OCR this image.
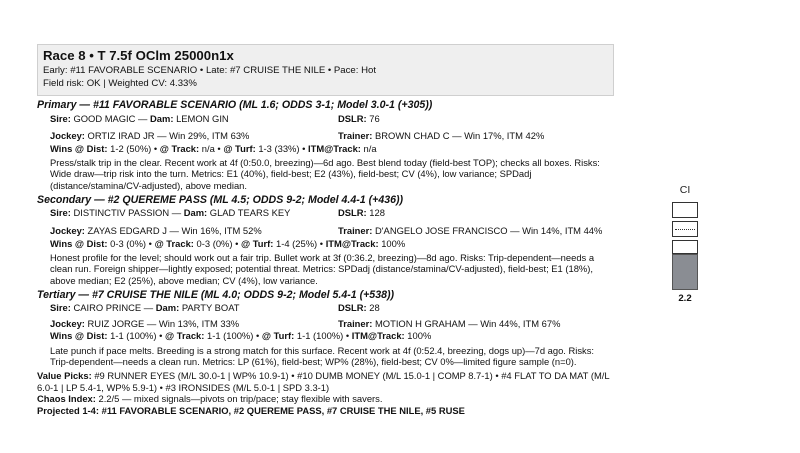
Race 8 • T 7.5f OClm 25000n1x
Early: #11 FAVORABLE SCENARIO • Late: #7 CRUISE THE NILE • Pace: Hot
Field risk: OK | Weighted CV: 4.33%
Primary — #11 FAVORABLE SCENARIO (ML 1.6; ODDS 3-1; Model 3.0-1 (+305))
Sire: GOOD MAGIC — Dam: LEMON GIN	DSLR: 76
Jockey: ORTIZ IRAD JR — Win 29%, ITM 63%	Trainer: BROWN CHAD C — Win 17%, ITM 42%
Wins @ Dist: 1-2 (50%) • @ Track: n/a • @ Turf: 1-3 (33%) • ITM@Track: n/a
Press/stalk trip in the clear. Recent work at 4f (0:50.0, breezing)—6d ago. Best blend today (field-best TOP); checks all boxes. Risks: Wide draw—trip risk into the turn. Metrics: E1 (40%), field-best; E2 (43%), field-best; CV (4%), low variance; SPDadj (distance/stamina/CV-adjusted), above median.
Secondary — #2 QUEREME PASS (ML 4.5; ODDS 9-2; Model 4.4-1 (+436))
Sire: DISTINCTIV PASSION — Dam: GLAD TEARS KEY	DSLR: 128
Jockey: ZAYAS EDGARD J — Win 16%, ITM 52%	Trainer: D'ANGELO JOSE FRANCISCO — Win 14%, ITM 44%
Wins @ Dist: 0-3 (0%) • @ Track: 0-3 (0%) • @ Turf: 1-4 (25%) • ITM@Track: 100%
Honest profile for the level; should work out a fair trip. Bullet work at 3f (0:36.2, breezing)—8d ago. Risks: Trip-dependent—needs a clean run. Foreign shipper—lightly exposed; potential threat. Metrics: SPDadj (distance/stamina/CV-adjusted), field-best; E1 (18%), above median; E2 (25%), above median; CV (4%), low variance.
Tertiary — #7 CRUISE THE NILE (ML 4.0; ODDS 9-2; Model 5.4-1 (+538))
Sire: CAIRO PRINCE — Dam: PARTY BOAT	DSLR: 28
Jockey: RUIZ JORGE — Win 13%, ITM 33%	Trainer: MOTION H GRAHAM — Win 44%, ITM 67%
Wins @ Dist: 1-1 (100%) • @ Track: 1-1 (100%) • @ Turf: 1-1 (100%) • ITM@Track: 100%
Late punch if pace melts. Breeding is a strong match for this surface. Recent work at 4f (0:52.4, breezing, dogs up)—7d ago. Risks: Trip-dependent—needs a clean run. Metrics: LP (61%), field-best; WP% (28%), field-best; CV 0%—limited figure sample (n=0).

Value Picks: #9 RUNNER EYES (M/L 30.0-1 | WP% 10.9-1) • #10 DUMB MONEY (M/L 15.0-1 | COMP 8.7-1) • #4 FLAT TO DA MAT (M/L 6.0-1 | LP 5.4-1, WP% 5.9-1) • #3 IRONSIDES (M/L 5.0-1 | SPD 3.3-1)

Chaos Index: 2.2/5 — mixed signals—pivots on trip/pace; stay flexible with savers.

Projected 1-4: #11 FAVORABLE SCENARIO, #2 QUEREME PASS, #7 CRUISE THE NILE, #5 RUSE

CI
2.2
